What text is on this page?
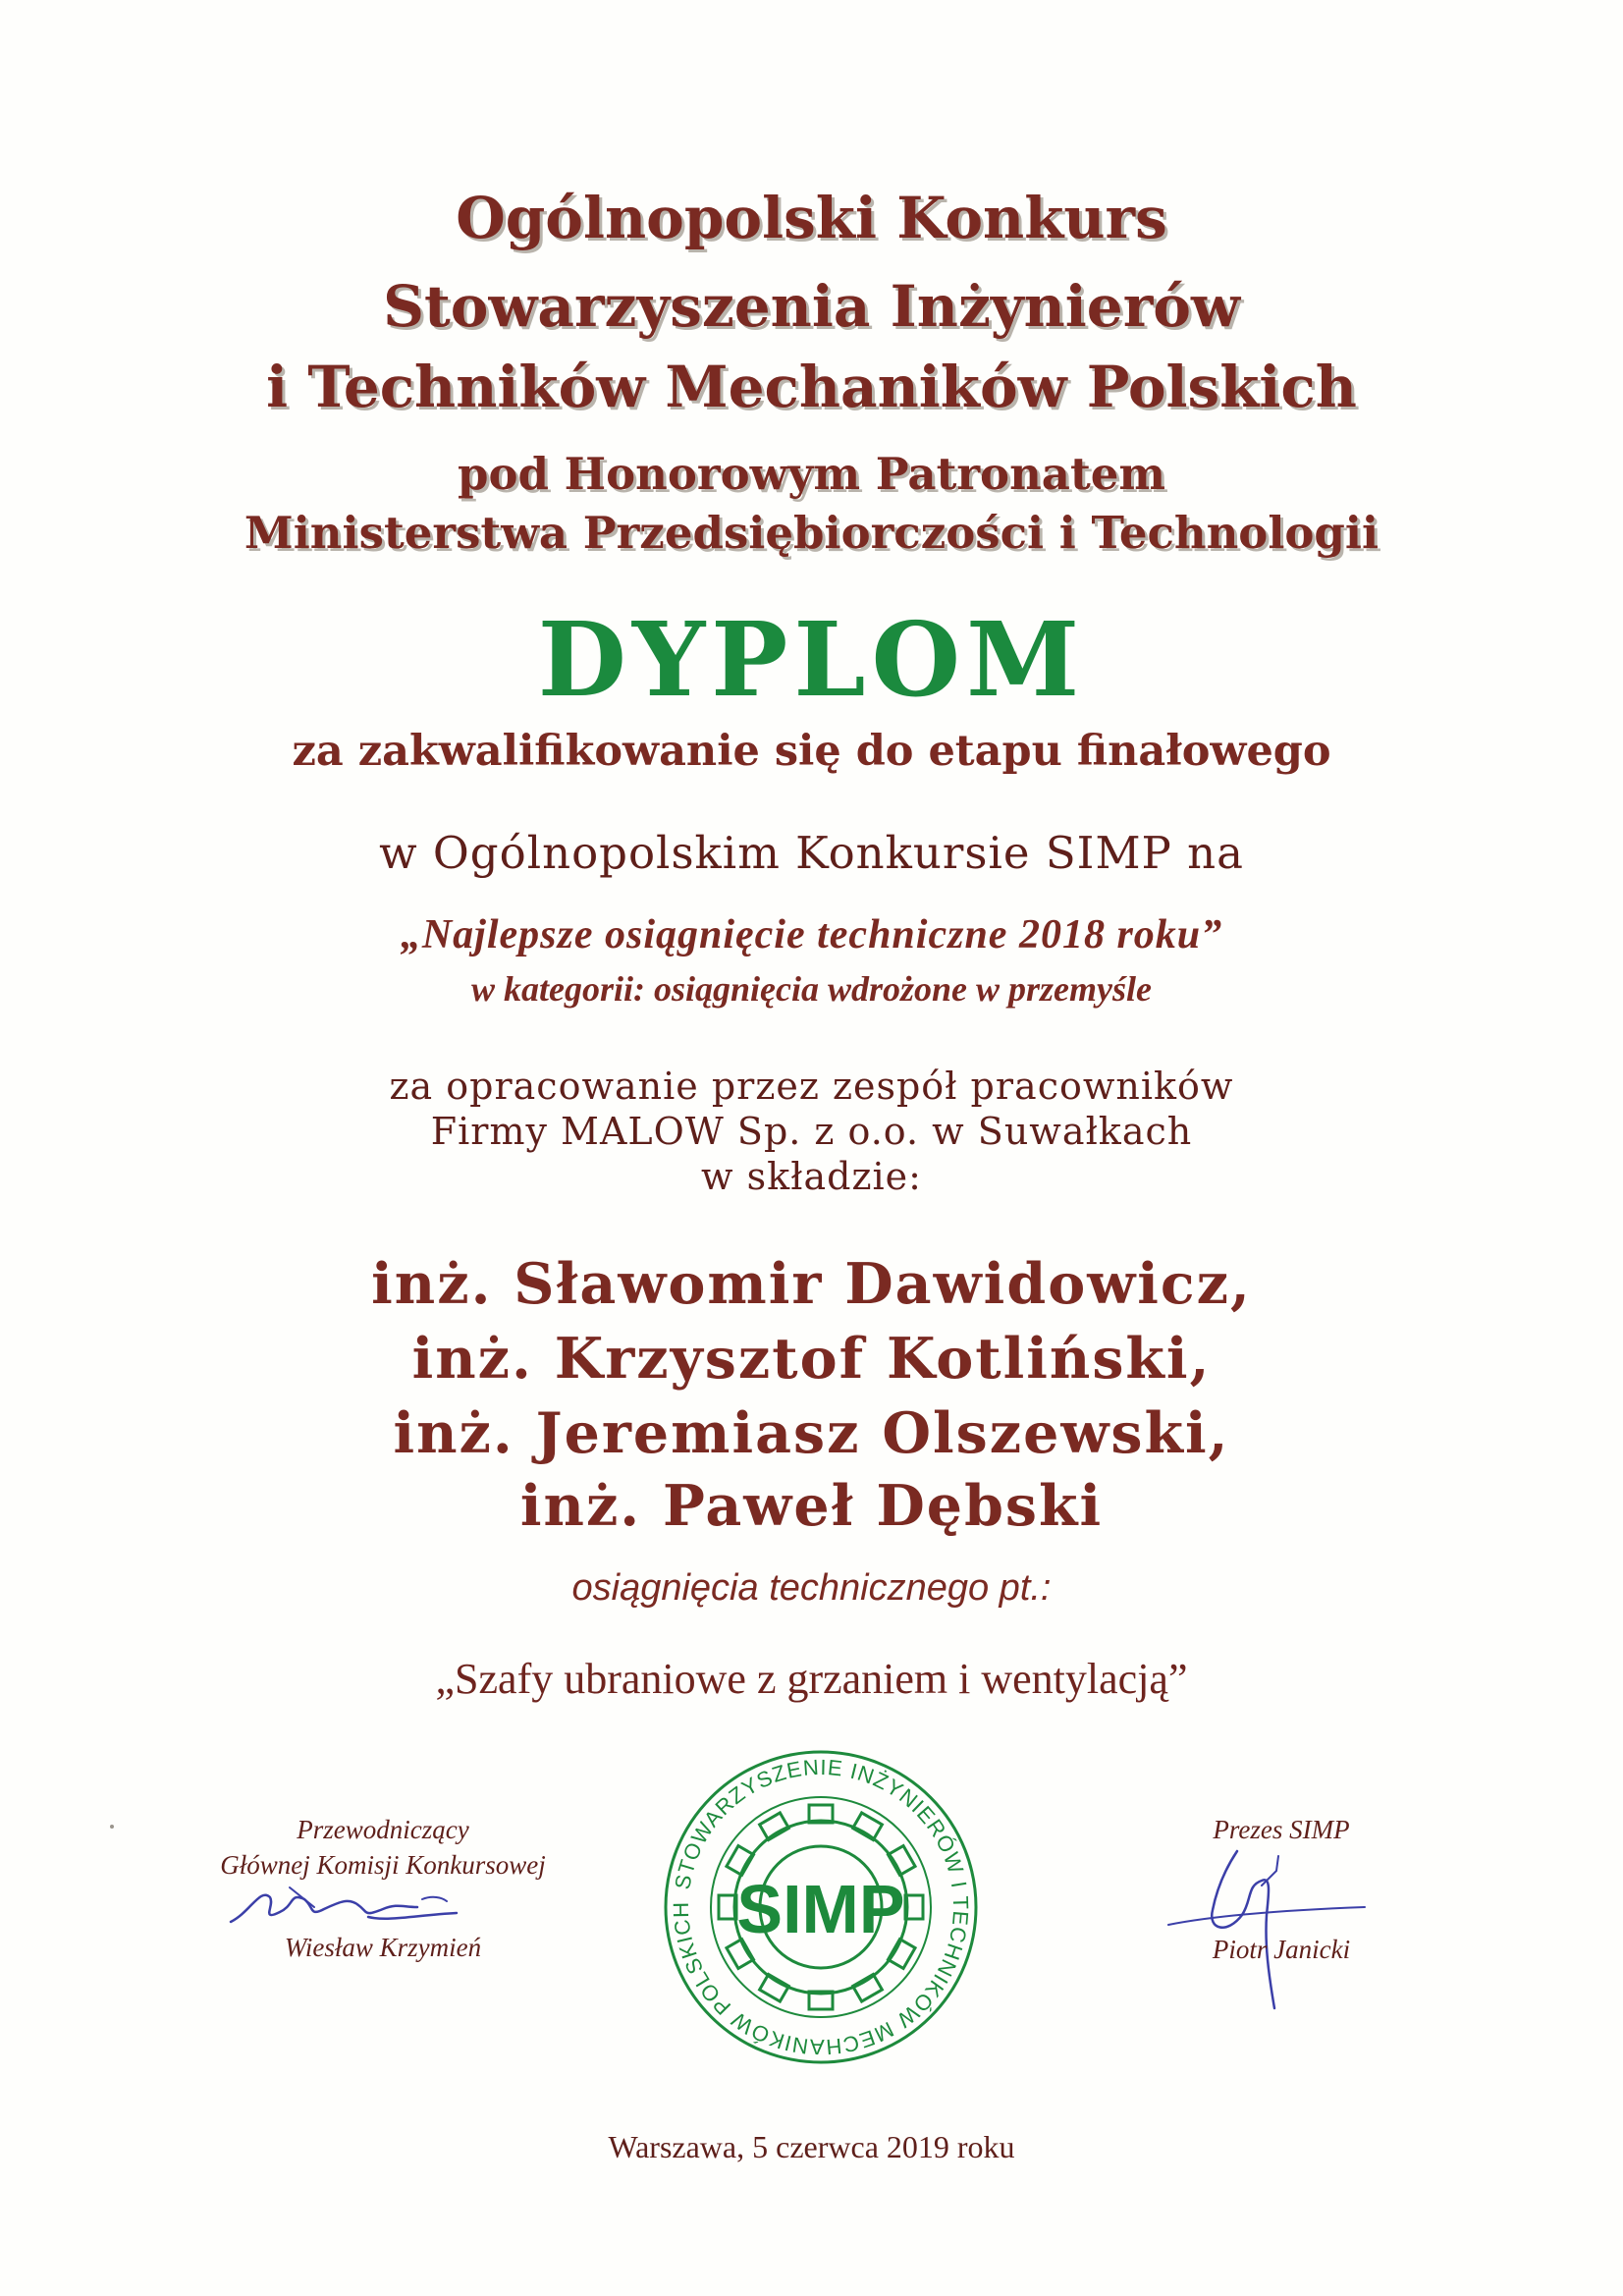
Ogólnopolski Konkurs
Stowarzyszenia Inżynierów
i Techników Mechaników Polskich
pod Honorowym Patronatem
Ministerstwa Przedsiębiorczości i Technologii
DYPLOM
za zakwalifikowanie się do etapu finałowego
w Ogólnopolskim Konkursie SIMP na
„Najlepsze osiągnięcie techniczne 2018 roku”
w kategorii: osiągnięcia wdrożone w przemyśle
za opracowanie przez zespół pracowników
Firmy MALOW Sp. z o.o. w Suwałkach
w składzie:
inż. Sławomir Dawidowicz,
inż. Krzysztof Kotliński,
inż. Jeremiasz Olszewski,
inż. Paweł Dębski
osiągnięcia technicznego pt.:
„Szafy ubraniowe z grzaniem i wentylacją”
Przewodniczący
Głównej Komisji Konkursowej
Wiesław Krzymień
STOWARZYSZENIE INŻYNIERÓW I TECHNIKÓW MECHANIKÓW POLSKICH SIMP
Prezes SIMP
Piotr Janicki
Warszawa, 5 czerwca 2019 roku
